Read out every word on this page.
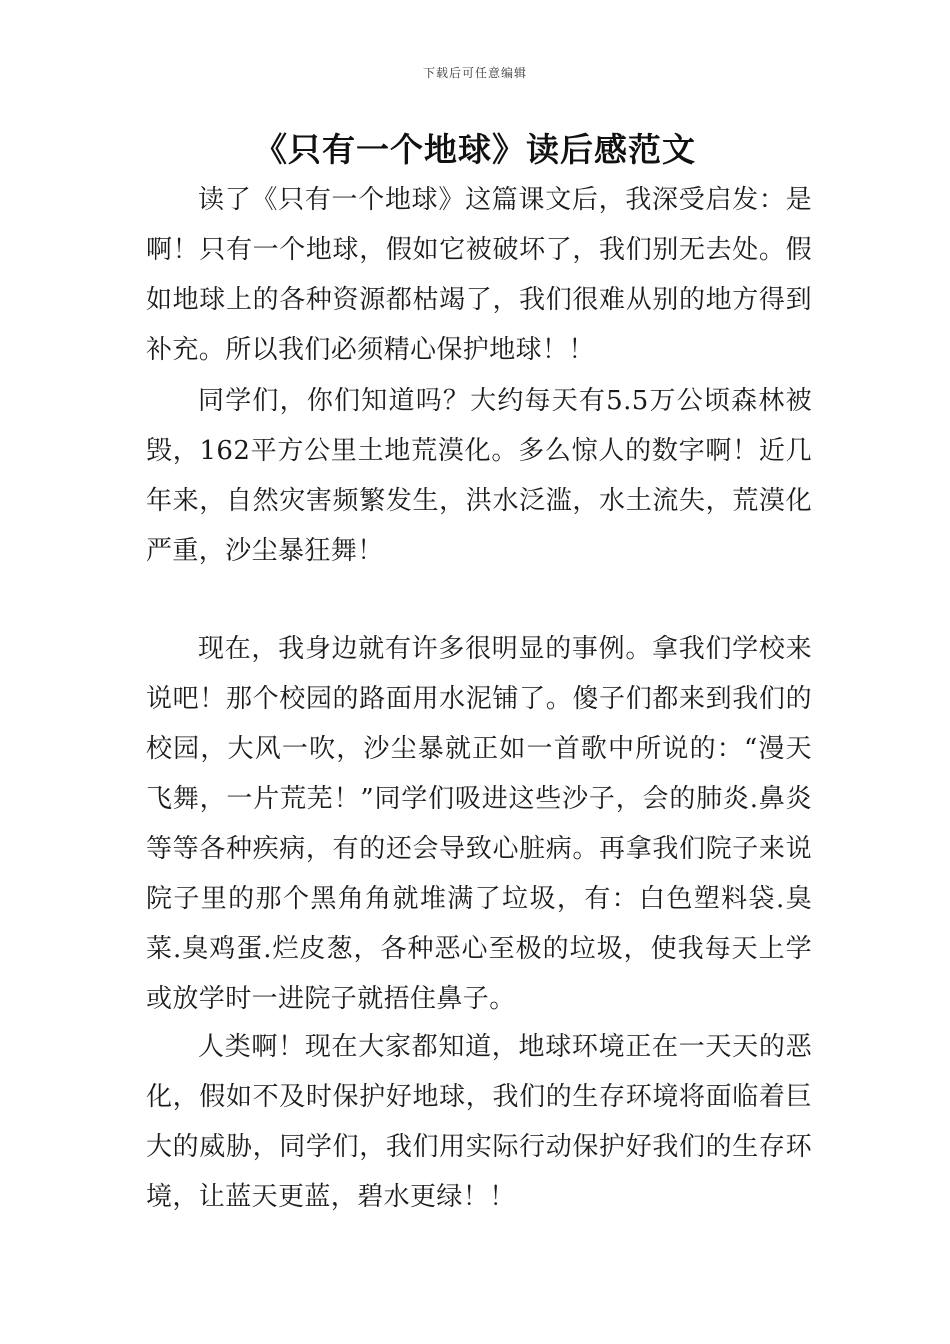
下载后可任意编辑
《只有一个地球》读后感范文

读了《只有一个地球》这篇课文后，我深受启发：是啊！只有一个地球，假如它被破坏了，我们别无去处。假如地球上的各种资源都枯竭了，我们很难从别的地方得到补充。所以我们必须精心保护地球！！

同学们，你们知道吗？大约每天有5.5万公顷森林被毁，162平方公里土地荒漠化。多么惊人的数字啊！近几年来，自然灾害频繁发生，洪水泛滥，水土流失，荒漠化严重，沙尘暴狂舞！

现在，我身边就有许多很明显的事例。拿我们学校来说吧！那个校园的路面用水泥铺了。傻子们都来到我们的校园，大风一吹，沙尘暴就正如一首歌中所说的：“漫天飞舞，一片荒芜！”同学们吸进这些沙子，会的肺炎.鼻炎等等各种疾病，有的还会导致心脏病。再拿我们院子来说院子里的那个黑角角就堆满了垃圾，有：白色塑料袋.臭菜.臭鸡蛋.烂皮葱，各种恶心至极的垃圾，使我每天上学或放学时一进院子就捂住鼻子。

人类啊！现在大家都知道，地球环境正在一天天的恶化，假如不及时保护好地球，我们的生存环境将面临着巨大的威胁，同学们，我们用实际行动保护好我们的生存环境，让蓝天更蓝，碧水更绿！！
